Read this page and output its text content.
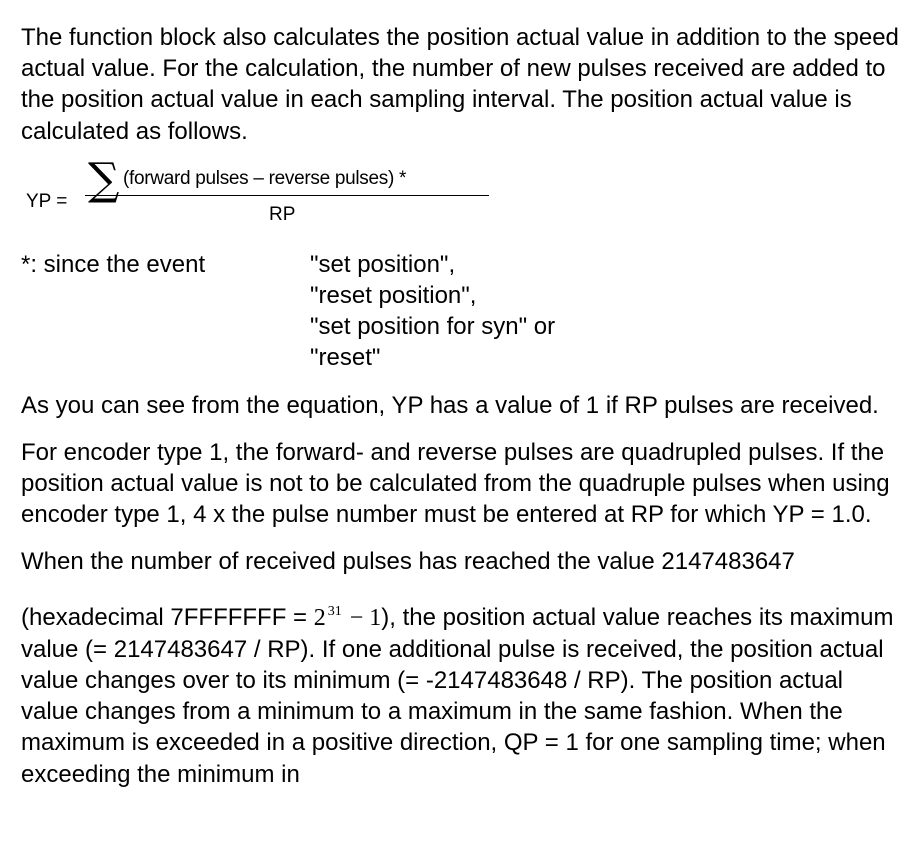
The function block also calculates the position actual value in addition to the speed actual value. For the calculation, the number of new pulses received are added to the position actual value in each sampling interval. The position actual value is calculated as follows.

YP = ∑ (forward pulses – reverse pulses) *
RP
*: since the event	"set position",
"reset position",
"set position for syn" or
"reset"

As you can see from the equation, YP has a value of 1 if RP pulses are received.

For encoder type 1, the forward- and reverse pulses are quadrupled pulses. If the position actual value is not to be calculated from the quadruple pulses when using encoder type 1, 4 x the pulse number must be entered at RP for which YP = 1.0.

When the number of received pulses has reached the value 2147483647
(hexadecimal 7FFFFFFF = 2 $^{31}$ − 1), the position actual value reaches its maximum value (= 2147483647 / RP). If one additional pulse is received, the position actual value changes over to its minimum (= -2147483648 / RP). The position actual value changes from a minimum to a maximum in the same fashion. When the maximum is exceeded in a positive direction, QP = 1 for one sampling time; when exceeding the minimum in
